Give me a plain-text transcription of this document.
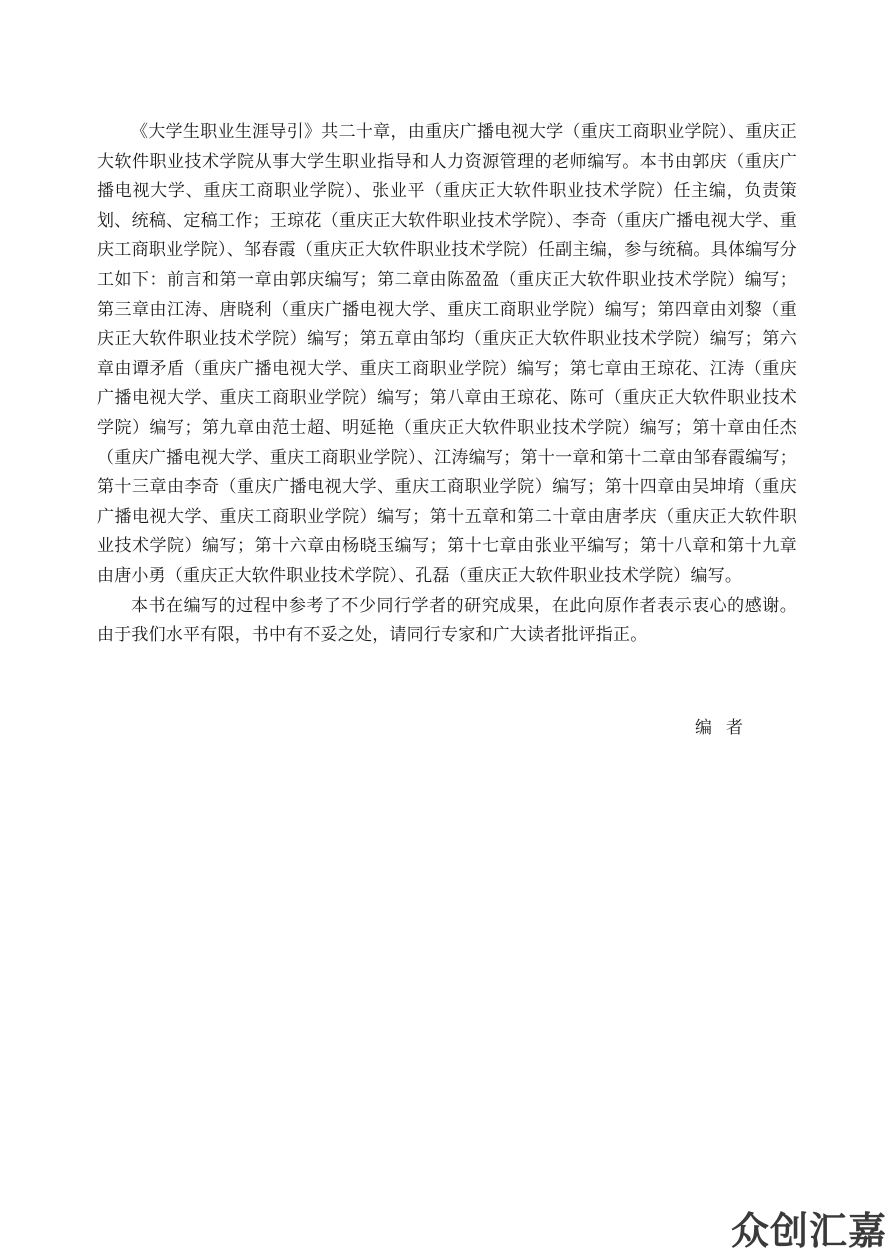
《大学生职业生涯导引》共二十章，由重庆广播电视大学（重庆工商职业学院）、重庆正大软件职业技术学院从事大学生职业指导和人力资源管理的老师编写。本书由郭庆（重庆广播电视大学、重庆工商职业学院）、张业平（重庆正大软件职业技术学院）任主编，负责策划、统稿、定稿工作；王琼花（重庆正大软件职业技术学院）、李奇（重庆广播电视大学、重庆工商职业学院）、邹春霞（重庆正大软件职业技术学院）任副主编，参与统稿。具体编写分工如下：前言和第一章由郭庆编写；第二章由陈盈盈（重庆正大软件职业技术学院）编写；第三章由江涛、唐晓利（重庆广播电视大学、重庆工商职业学院）编写；第四章由刘黎（重庆正大软件职业技术学院）编写；第五章由邹均（重庆正大软件职业技术学院）编写；第六章由谭矛盾（重庆广播电视大学、重庆工商职业学院）编写；第七章由王琼花、江涛（重庆广播电视大学、重庆工商职业学院）编写；第八章由王琼花、陈可（重庆正大软件职业技术学院）编写；第九章由范士超、明延艳（重庆正大软件职业技术学院）编写；第十章由任杰（重庆广播电视大学、重庆工商职业学院）、江涛编写；第十一章和第十二章由邹春霞编写；第十三章由李奇（重庆广播电视大学、重庆工商职业学院）编写；第十四章由吴坤堉（重庆广播电视大学、重庆工商职业学院）编写；第十五章和第二十章由唐孝庆（重庆正大软件职业技术学院）编写；第十六章由杨晓玉编写；第十七章由张业平编写；第十八章和第十九章由唐小勇（重庆正大软件职业技术学院）、孔磊（重庆正大软件职业技术学院）编写。

本书在编写的过程中参考了不少同行学者的研究成果，在此向原作者表示衷心的感谢。由于我们水平有限，书中有不妥之处，请同行专家和广大读者批评指正。

编者
众创汇嘉
